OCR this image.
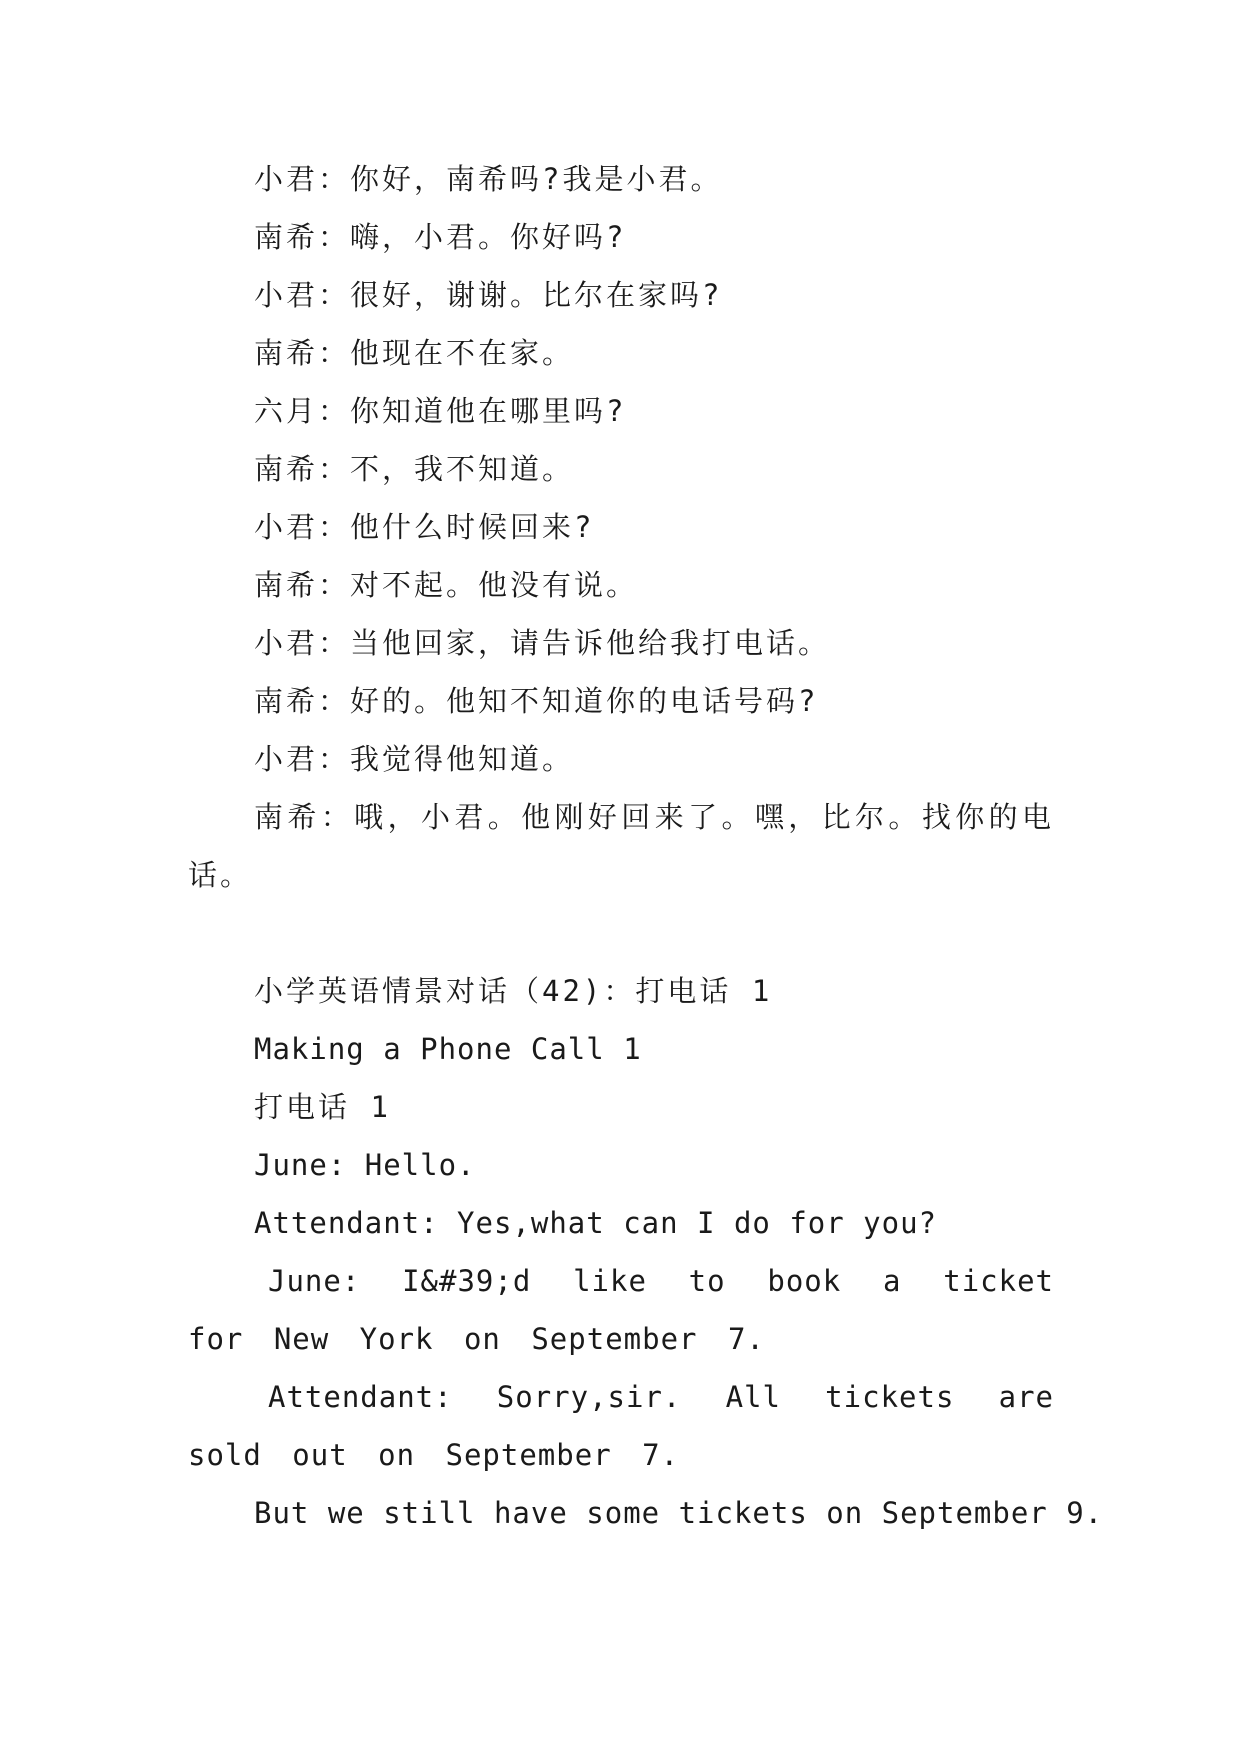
小君：你好，南希吗?我是小君。
南希：嗨，小君。你好吗?
小君：很好，谢谢。比尔在家吗?
南希：他现在不在家。
六月：你知道他在哪里吗?
南希：不，我不知道。
小君：他什么时候回来?
南希：对不起。他没有说。
小君：当他回家，请告诉他给我打电话。
南希：好的。他知不知道你的电话号码?
小君：我觉得他知道。
南希：哦，小君。他刚好回来了。嘿，比尔。找你的电话。
小学英语情景对话（42)：打电话 1
Making a Phone Call 1
打电话 1
June: Hello.
Attendant: Yes,what can I do for you?
June: I&#39;d like to book a ticket for New York on September 7.
Attendant: Sorry,sir. All tickets are sold out on September 7.
But we still have some tickets on September 9.
